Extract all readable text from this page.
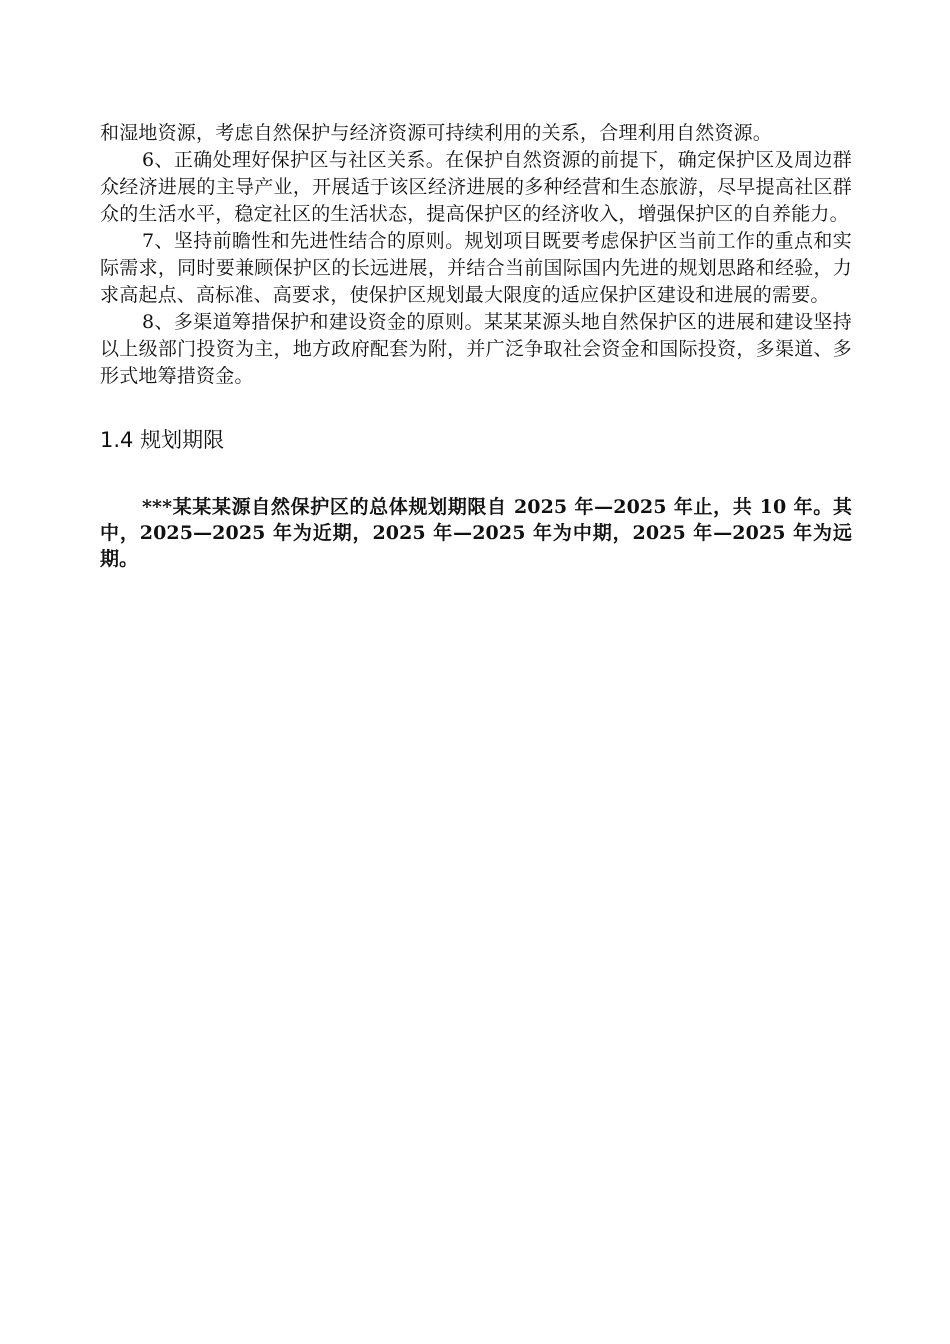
和湿地资源，考虑自然保护与经济资源可持续利用的关系，合理利用自然资源。

6、正确处理好保护区与社区关系。在保护自然资源的前提下，确定保护区及周边群众经济进展的主导产业，开展适于该区经济进展的多种经营和生态旅游，尽早提高社区群众的生活水平，稳定社区的生活状态，提高保护区的经济收入，增强保护区的自养能力。

7、坚持前瞻性和先进性结合的原则。规划项目既要考虑保护区当前工作的重点和实际需求，同时要兼顾保护区的长远进展，并结合当前国际国内先进的规划思路和经验，力求高起点、高标准、高要求，使保护区规划最大限度的适应保护区建设和进展的需要。

8、多渠道筹措保护和建设资金的原则。某某某源头地自然保护区的进展和建设坚持以上级部门投资为主，地方政府配套为附，并广泛争取社会资金和国际投资，多渠道、多形式地筹措资金。

1.4 规划期限

***某某某源自然保护区的总体规划期限自 2025 年—2025 年止，共 10 年。其中，2025—2025 年为近期，2025 年—2025 年为中期，2025 年—2025 年为远期。
